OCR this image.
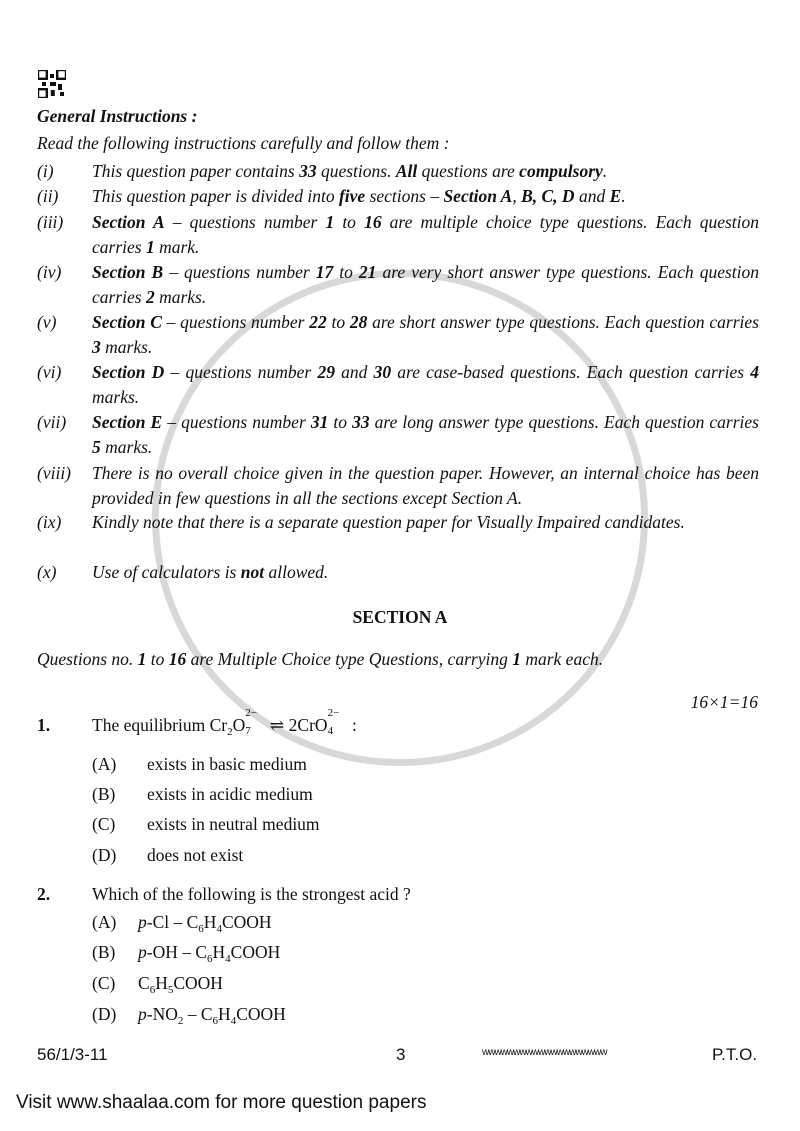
General Instructions :
Read the following instructions carefully and follow them :
(i) This question paper contains 33 questions. All questions are compulsory.
(ii) This question paper is divided into five sections – Section A, B, C, D and E.
(iii) Section A – questions number 1 to 16 are multiple choice type questions. Each question carries 1 mark.
(iv) Section B – questions number 17 to 21 are very short answer type questions. Each question carries 2 marks.
(v) Section C – questions number 22 to 28 are short answer type questions. Each question carries 3 marks.
(vi) Section D – questions number 29 and 30 are case-based questions. Each question carries 4 marks.
(vii) Section E – questions number 31 to 33 are long answer type questions. Each question carries 5 marks.
(viii) There is no overall choice given in the question paper. However, an internal choice has been provided in few questions in all the sections except Section A.
(ix) Kindly note that there is a separate question paper for Visually Impaired candidates.
(x) Use of calculators is not allowed.
SECTION A
Questions no. 1 to 16 are Multiple Choice type Questions, carrying 1 mark each.
16×1=16
1. The equilibrium $Cr_2O$
2−
7 ⇌ 2CrO
2−
4 :
(A) exists in basic medium
(B) exists in acidic medium
(C) exists in neutral medium
(D) does not exist
2. Which of the following is the strongest acid ?
(A) $p-Cl - C_6H_4COOH$
(B) $p-OH - C_6H_4COOH$
(C) $C_6H_5COOH$
(D) $p-NO_2$ – $C_6H_4COOH$
56/1/3-11	3	wwwwwwwwwwwwwwwwwwww	P.T.O.
Visit www.shaalaa.com for more question papers
